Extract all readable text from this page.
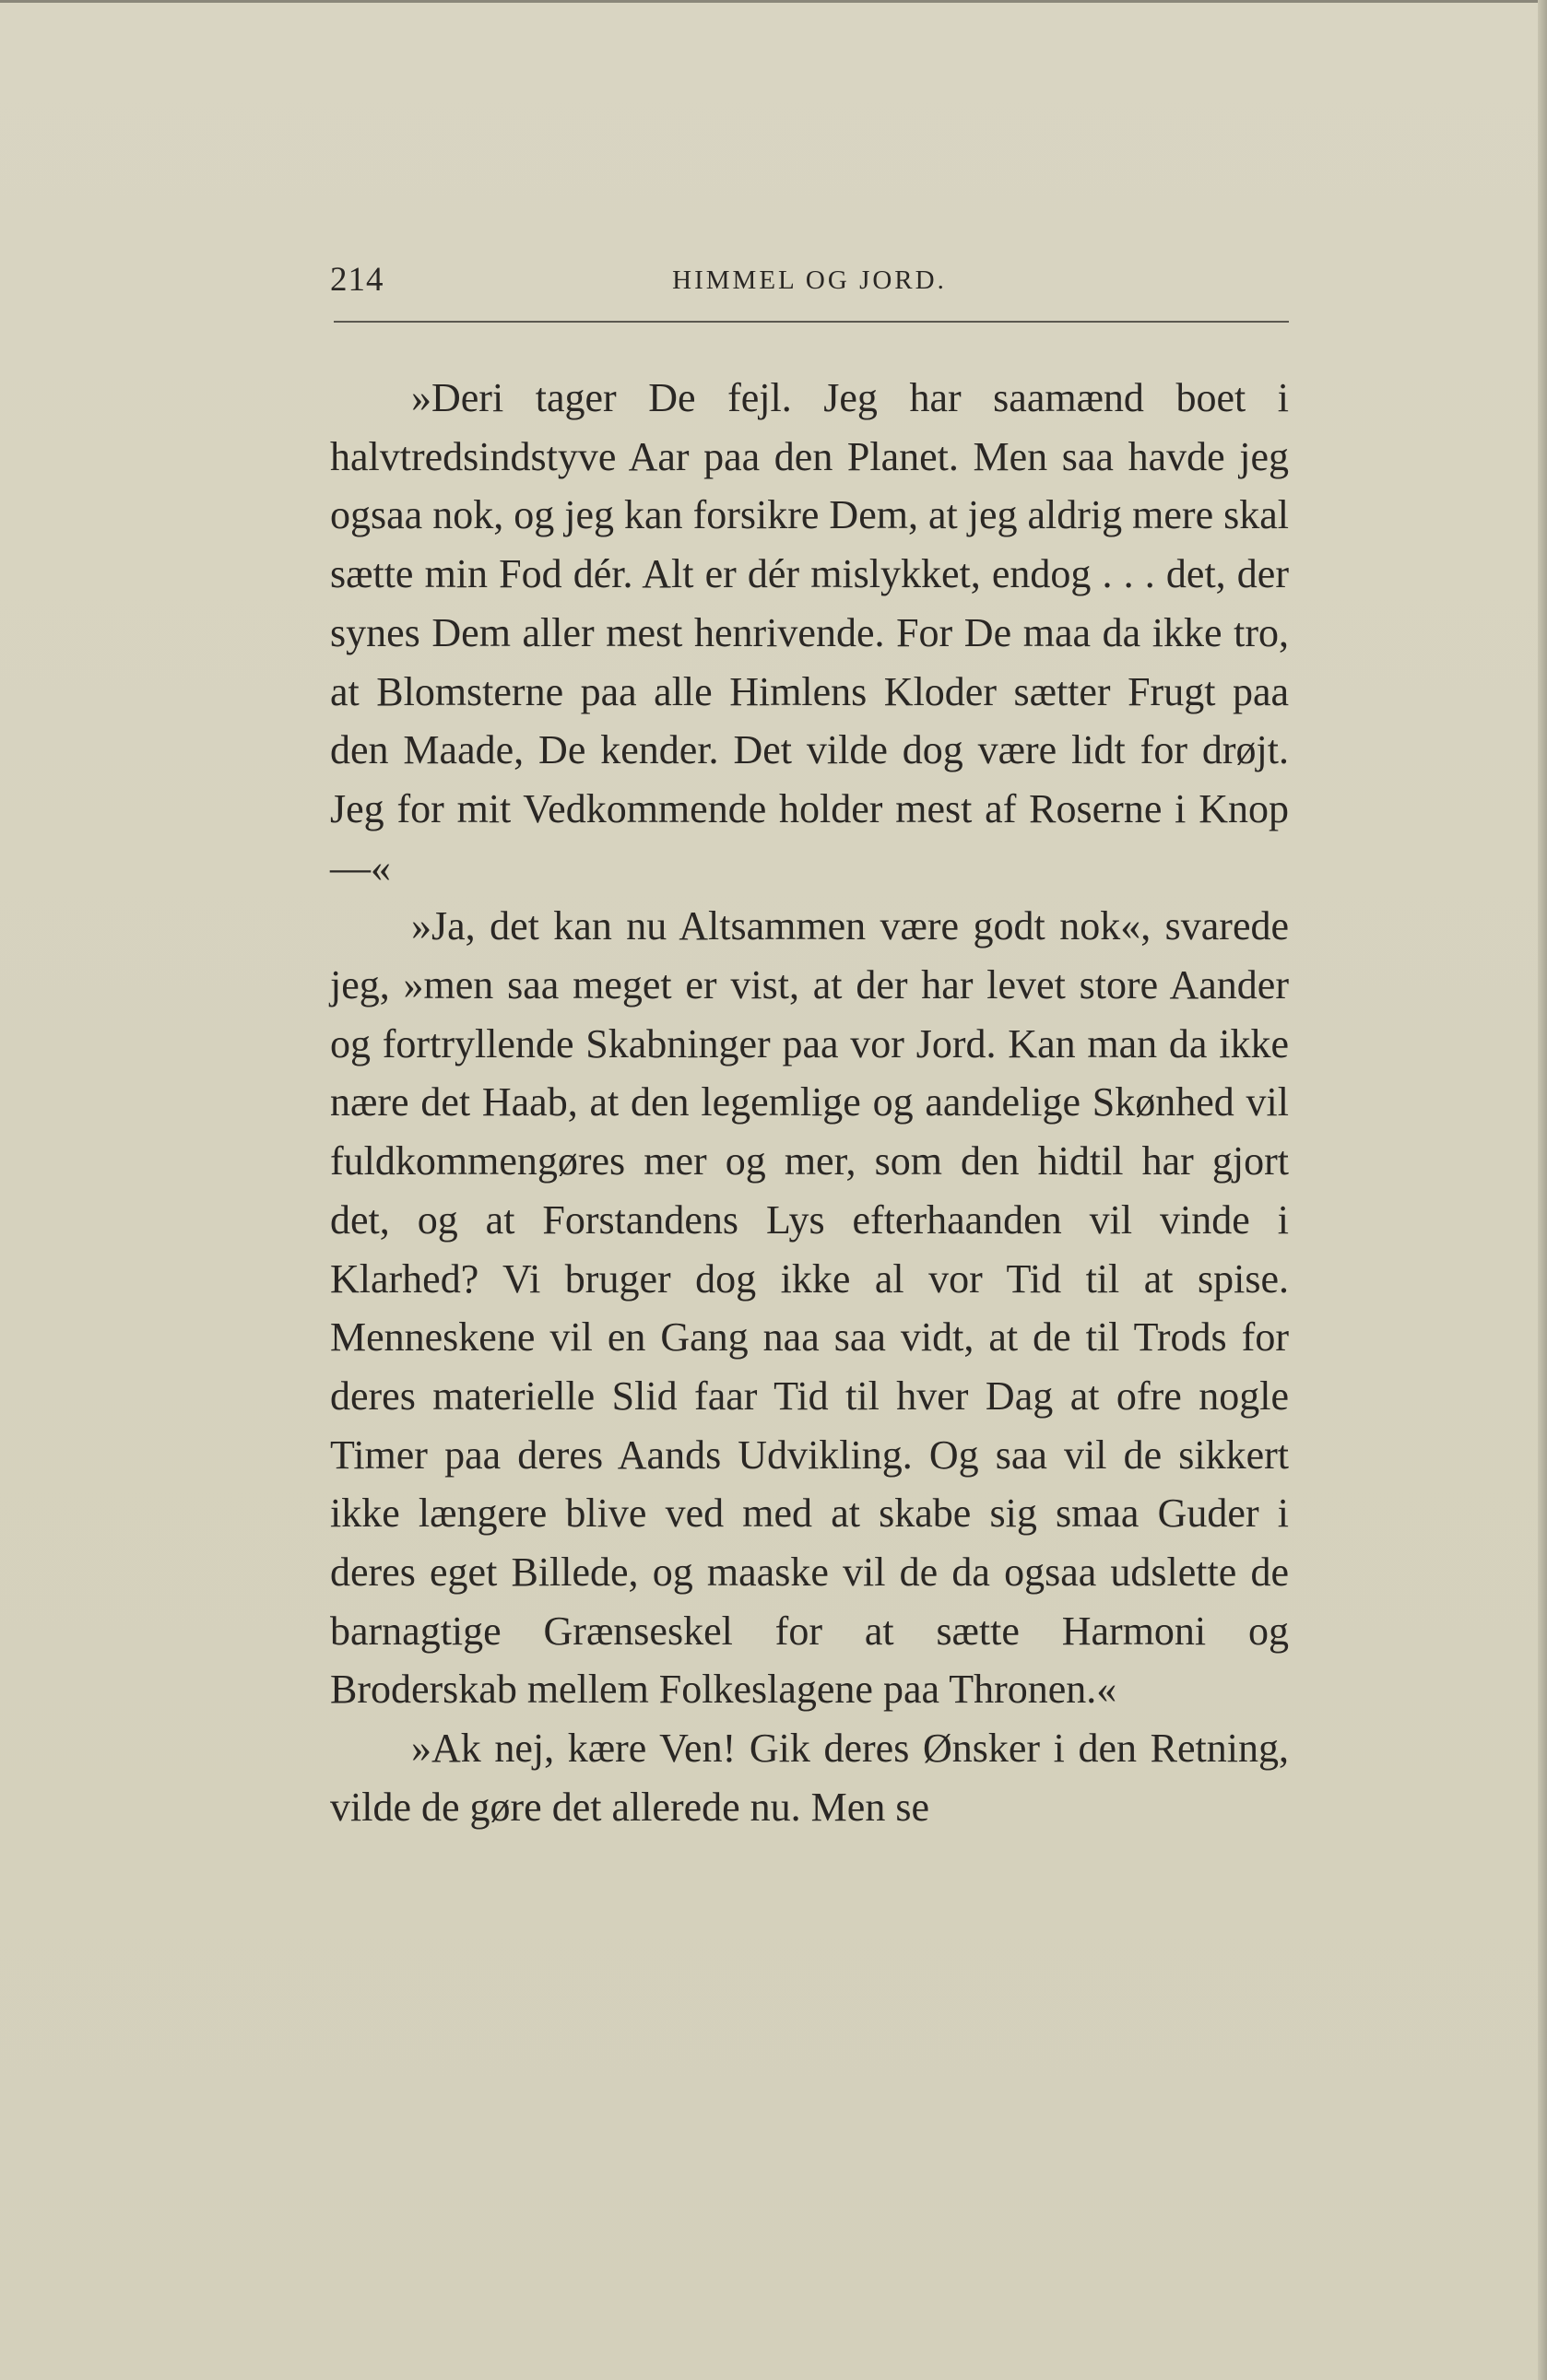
214	HIMMEL OG JORD.

»Deri tager De fejl. Jeg har saamænd boet i halvtredsindstyve Aar paa den Planet. Men saa havde jeg ogsaa nok, og jeg kan forsikre Dem, at jeg aldrig mere skal sætte min Fod dér. Alt er dér mislykket, endog . . . det, der synes Dem aller mest henrivende. For De maa da ikke tro, at Blomsterne paa alle Himlens Kloder sætter Frugt paa den Maade, De kender. Det vilde dog være lidt for drøjt. Jeg for mit Vedkommende holder mest af Roserne i Knop —«

»Ja, det kan nu Altsammen være godt nok«, svarede jeg, »men saa meget er vist, at der har levet store Aander og fortryllende Skabninger paa vor Jord. Kan man da ikke nære det Haab, at den legemlige og aandelige Skønhed vil fuldkommengøres mer og mer, som den hidtil har gjort det, og at Forstandens Lys efterhaanden vil vinde i Klarhed? Vi bruger dog ikke al vor Tid til at spise. Menneskene vil en Gang naa saa vidt, at de til Trods for deres materielle Slid faar Tid til hver Dag at ofre nogle Timer paa deres Aands Udvikling. Og saa vil de sikkert ikke længere blive ved med at skabe sig smaa Guder i deres eget Billede, og maaske vil de da ogsaa udslette de barnagtige Grænseskel for at sætte Harmoni og Broderskab mellem Folkeslagene paa Thronen.«

»Ak nej, kære Ven! Gik deres Ønsker i den Retning, vilde de gøre det allerede nu. Men se
